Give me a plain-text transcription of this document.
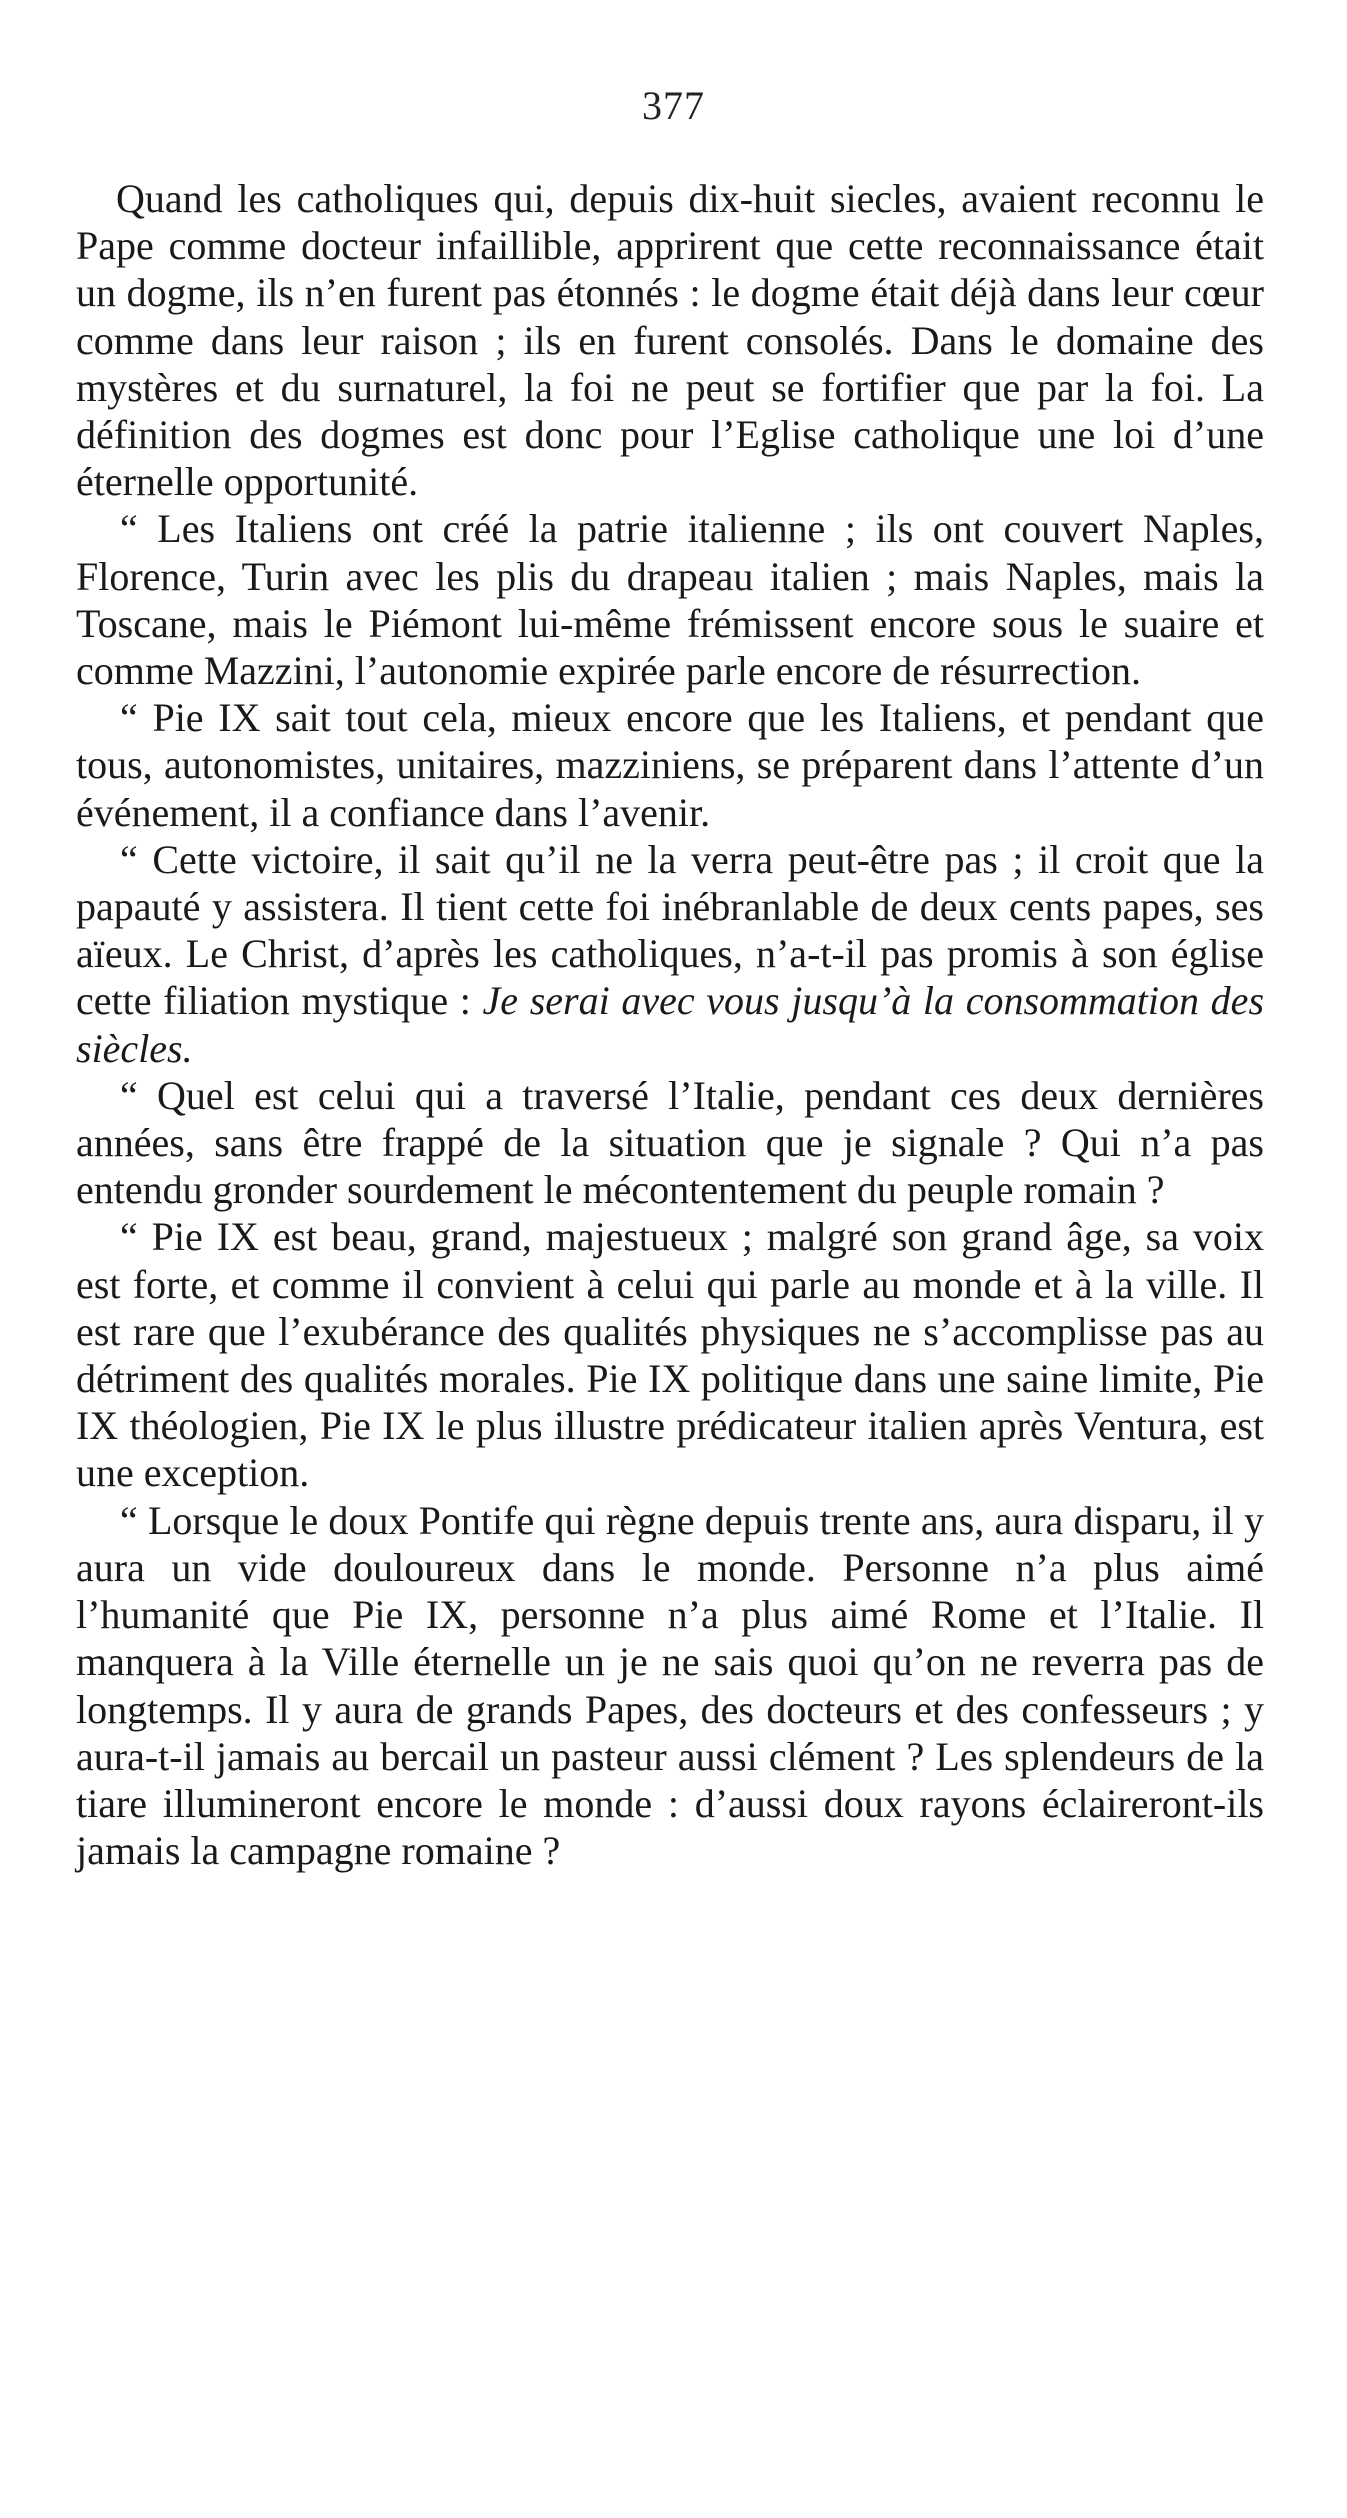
377

Quand les catholiques qui, depuis dix-huit siecles, avaient reconnu le Pape comme docteur infaillible, apprirent que cette reconnaissance était un dogme, ils n’en furent pas étonnés : le dogme était déjà dans leur cœur comme dans leur raison ; ils en furent consolés. Dans le domaine des mystères et du surnaturel, la foi ne peut se fortifier que par la foi. La définition des dogmes est donc pour l’Eglise catholique une loi d’une éternelle opportunité.

“ Les Italiens ont créé la patrie italienne ; ils ont couvert Naples, Florence, Turin avec les plis du drapeau italien ; mais Naples, mais la Toscane, mais le Piémont lui-même frémissent encore sous le suaire et comme Mazzini, l’autonomie expirée parle encore de résurrection.

“ Pie IX sait tout cela, mieux encore que les Italiens, et pendant que tous, autonomistes, unitaires, mazziniens, se préparent dans l’attente d’un événement, il a confiance dans l’avenir.

“ Cette victoire, il sait qu’il ne la verra peut-être pas ; il croit que la papauté y assistera. Il tient cette foi inébranlable de deux cents papes, ses aïeux. Le Christ, d’après les catholiques, n’a-t-il pas promis à son église cette filiation mystique : Je serai avec vous jusqu’à la consommation des siècles.

“ Quel est celui qui a traversé l’Italie, pendant ces deux dernières années, sans être frappé de la situation que je signale ? Qui n’a pas entendu gronder sourdement le mécontentement du peuple romain ?

“ Pie IX est beau, grand, majestueux ; malgré son grand âge, sa voix est forte, et comme il convient à celui qui parle au monde et à la ville. Il est rare que l’exubérance des qualités physiques ne s’accomplisse pas au détriment des qualités morales. Pie IX politique dans une saine limite, Pie IX théologien, Pie IX le plus illustre prédicateur italien après Ventura, est une exception.

“ Lorsque le doux Pontife qui règne depuis trente ans, aura disparu, il y aura un vide douloureux dans le monde. Personne n’a plus aimé l’humanité que Pie IX, personne n’a plus aimé Rome et l’Italie. Il manquera à la Ville éternelle un je ne sais quoi qu’on ne reverra pas de longtemps. Il y aura de grands Papes, des docteurs et des confesseurs ; y aura-t-il jamais au bercail un pasteur aussi clément ? Les splendeurs de la tiare illumineront encore le monde : d’aussi doux rayons éclaireront-ils jamais la campagne romaine ?
